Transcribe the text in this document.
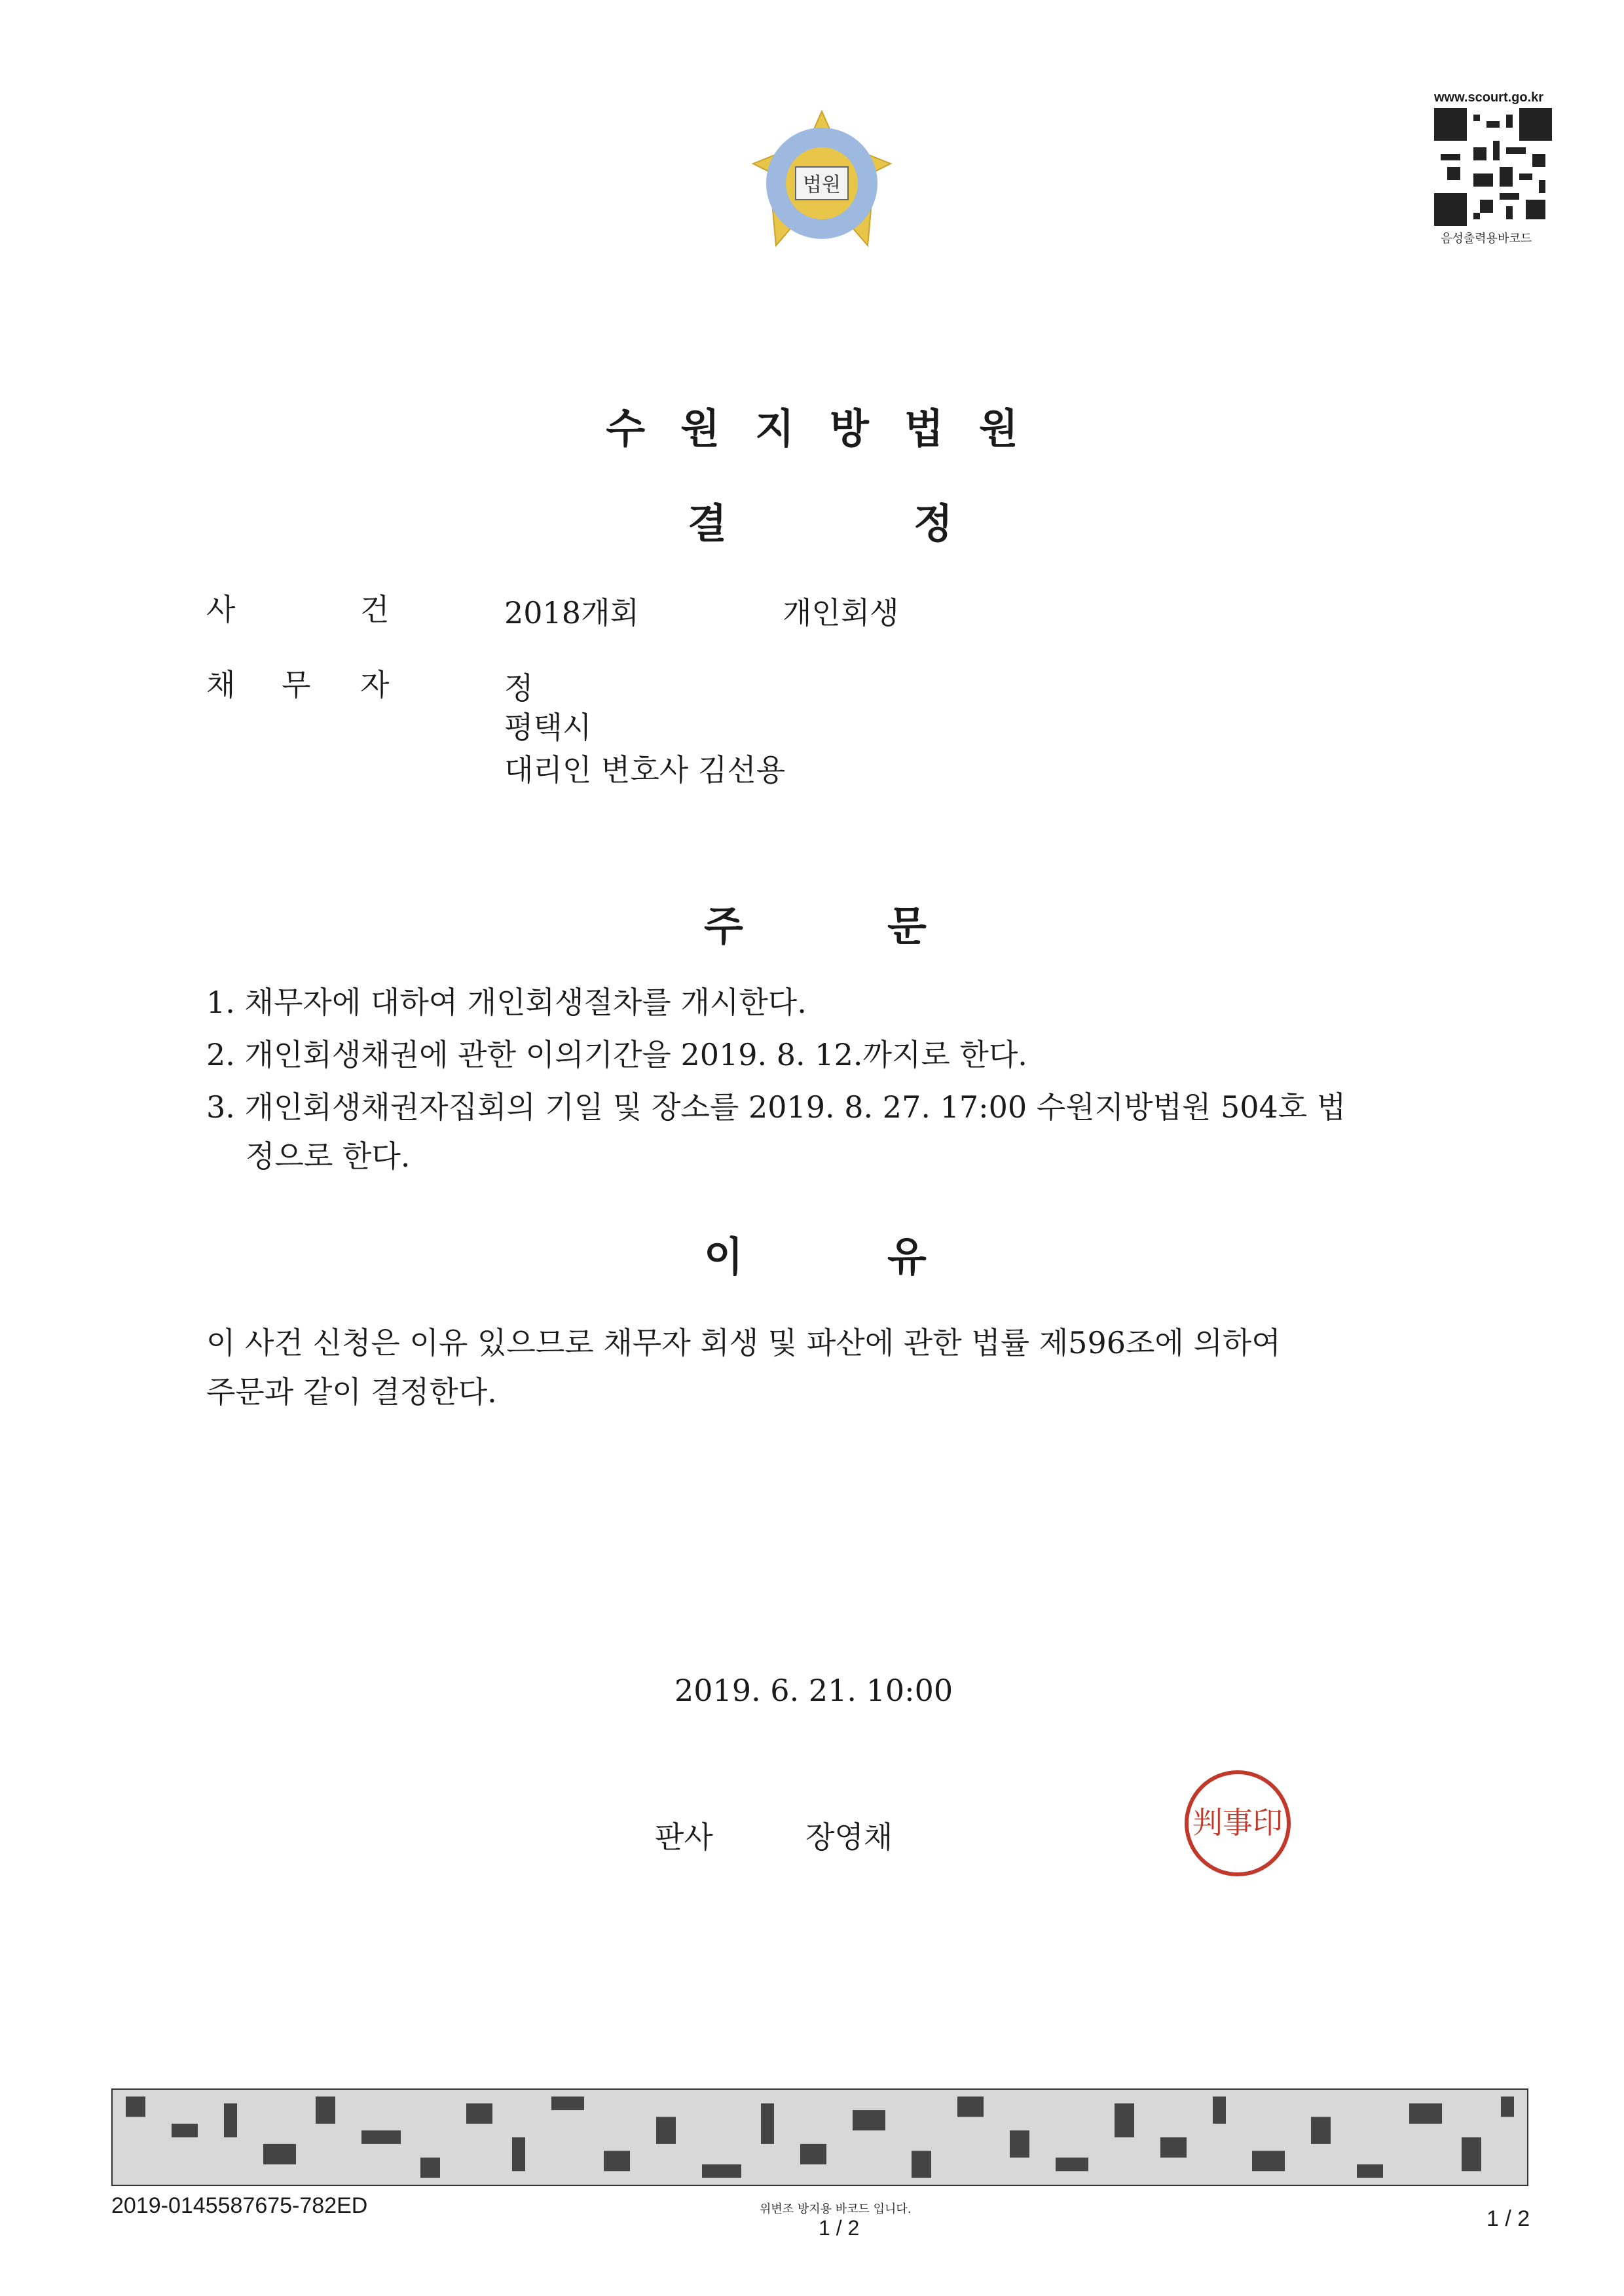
법원
www.scourt.go.kr
음성출력용바코드
수 원 지 방 법 원
결	정
사	건	2018개회	개인회생
채 무 자	정
평택시
대리인 변호사 김선용
주	문
1. 채무자에 대하여 개인회생절차를 개시한다.
2. 개인회생채권에 관한 이의기간을 2019. 8. 12.까지로 한다.
3. 개인회생채권자집회의 기일 및 장소를 2019. 8. 27. 17:00 수원지방법원 504호 법
정으로 한다.
이	유
이 사건 신청은 이유 있으므로 채무자 회생 및 파산에 관한 법률 제596조에 의하여
주문과 같이 결정한다.
2019. 6. 21. 10:00
판사	장영채	判事印
2019-0145587675-782ED	위변조 방지용 바코드 입니다.
1 / 2	1 / 2
